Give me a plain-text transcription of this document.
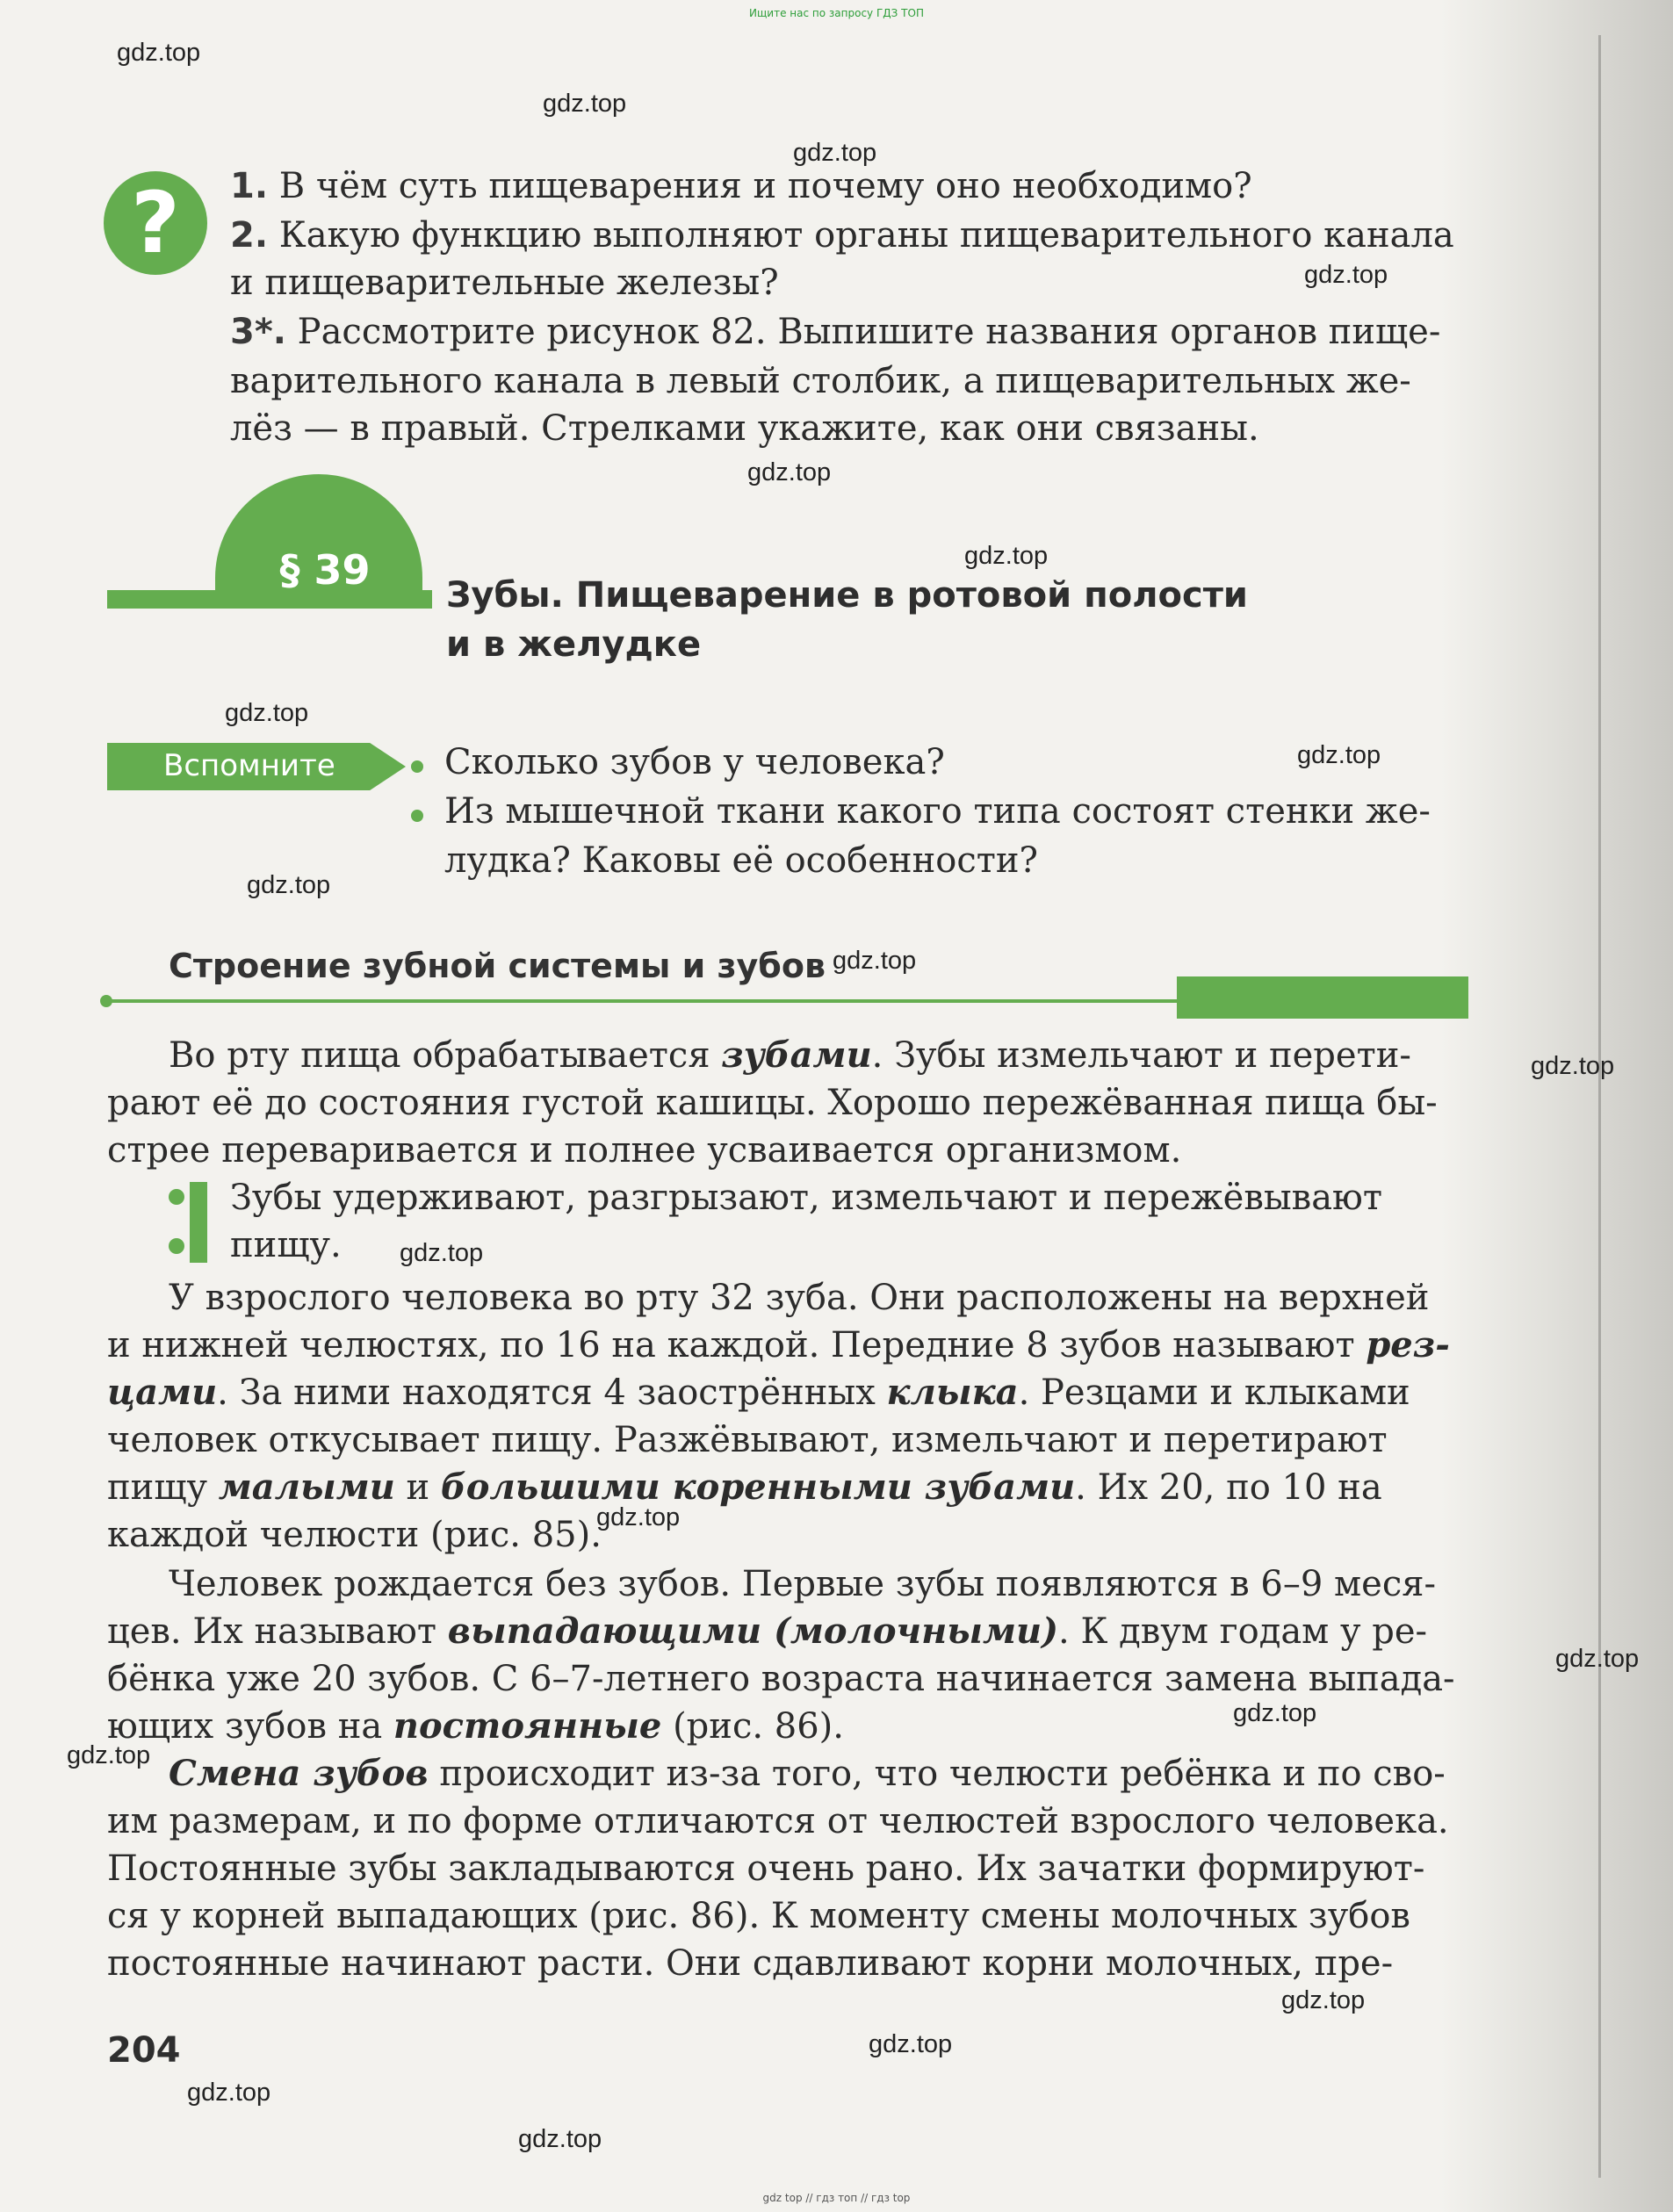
Ищите нас по запросу ГДЗ ТОП
gdz.top
gdz.top
gdz.top
gdz.top
gdz.top
gdz.top
gdz.top
gdz.top
gdz.top
gdz.top
gdz.top
gdz.top
gdz.top
gdz.top
gdz.top
gdz.top
gdz.top
gdz.top
gdz.top
gdz.top
?	1. В чём суть пищеварения и почему оно необходимо?
2. Какую функцию выполняют органы пищеварительного канала
и пищеварительные железы?
3*. Рассмотрите рисунок 82. Выпишите названия органов пище-
варительного канала в левый столбик, а пищеварительных же-
лёз — в правый. Стрелками укажите, как они связаны.
§ 39
Зубы. Пищеварение в ротовой полости
и в желудке
Вспомните	Сколько зубов у человека?
Из мышечной ткани какого типа состоят стенки же-
лудка? Каковы её особенности?
Строение зубной системы и зубов
Во рту пища обрабатывается зубами. Зубы измельчают и перети-
рают её до состояния густой кашицы. Хорошо пережёванная пища бы-
стрее переваривается и полнее усваивается организмом.
Зубы удерживают, разгрызают, измельчают и пережёвывают
пищу.
У взрослого человека во рту 32 зуба. Они расположены на верхней
и нижней челюстях, по 16 на каждой. Передние 8 зубов называют рез-
цами. За ними находятся 4 заострённых клыка. Резцами и клыками
человек откусывает пищу. Разжёвывают, измельчают и перетирают
пищу малыми и большими коренными зубами. Их 20, по 10 на
каждой челюсти (рис. 85).
Человек рождается без зубов. Первые зубы появляются в 6–9 меся-
цев. Их называют выпадающими (молочными). К двум годам у ре-
бёнка уже 20 зубов. С 6–7-летнего возраста начинается замена выпада-
ющих зубов на постоянные (рис. 86).
Смена зубов происходит из-за того, что челюсти ребёнка и по сво-
им размерам, и по форме отличаются от челюстей взрослого человека.
Постоянные зубы закладываются очень рано. Их зачатки формируют-
ся у корней выпадающих (рис. 86). К моменту смены молочных зубов
постоянные начинают расти. Они сдавливают корни молочных, пре-
204
gdz top // гдз топ // гдз top
